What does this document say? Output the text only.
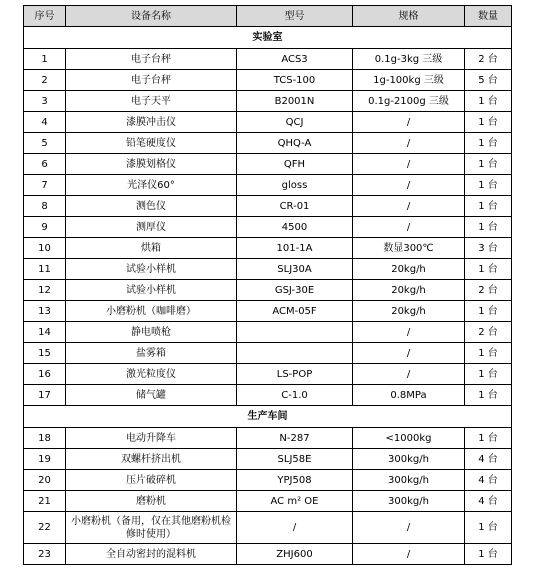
序号	设备名称	型号	规格	数量
实验室				
1	电子台秤	ACS3	0.1g-3kg 三级	2 台
2	电子台秤	TCS-100	1g-100kg 三级	5 台
3	电子天平	B2001N	0.1g-2100g 三级	1 台
4	漆膜冲击仪	QCJ	/	1 台
5	铅笔硬度仪	QHQ-A	/	1 台
6	漆膜划格仪	QFH	/	1 台
7	光泽仪60°	gloss	/	1 台
8	测色仪	CR-01	/	1 台
9	测厚仪	4500	/	1 台
10	烘箱	101-1A	数显300℃	3 台
11	试验小样机	SLJ30A	20kg/h	1 台
12	试验小样机	GSJ-30E	20kg/h	2 台
13	小磨粉机（咖啡磨）	ACM-05F	20kg/h	1 台
14	静电喷枪		/	2 台
15	盐雾箱		/	1 台
16	激光粒度仪	LS-POP	/	1 台
17	储气罐	C-1.0	0.8MPa	1 台
生产车间				
18	电动升降车	N-287	<1000kg	1 台
19	双螺杆挤出机	SLJ58E	300kg/h	4 台
20	压片破碎机	YPJ508	300kg/h	4 台
21	磨粉机	AC m² OE	300kg/h	4 台
22	小磨粉机（备用，仅在其他磨粉机检修时使用）	/	/	1 台
23	全自动密封的混料机	ZHJ600	/	1 台
